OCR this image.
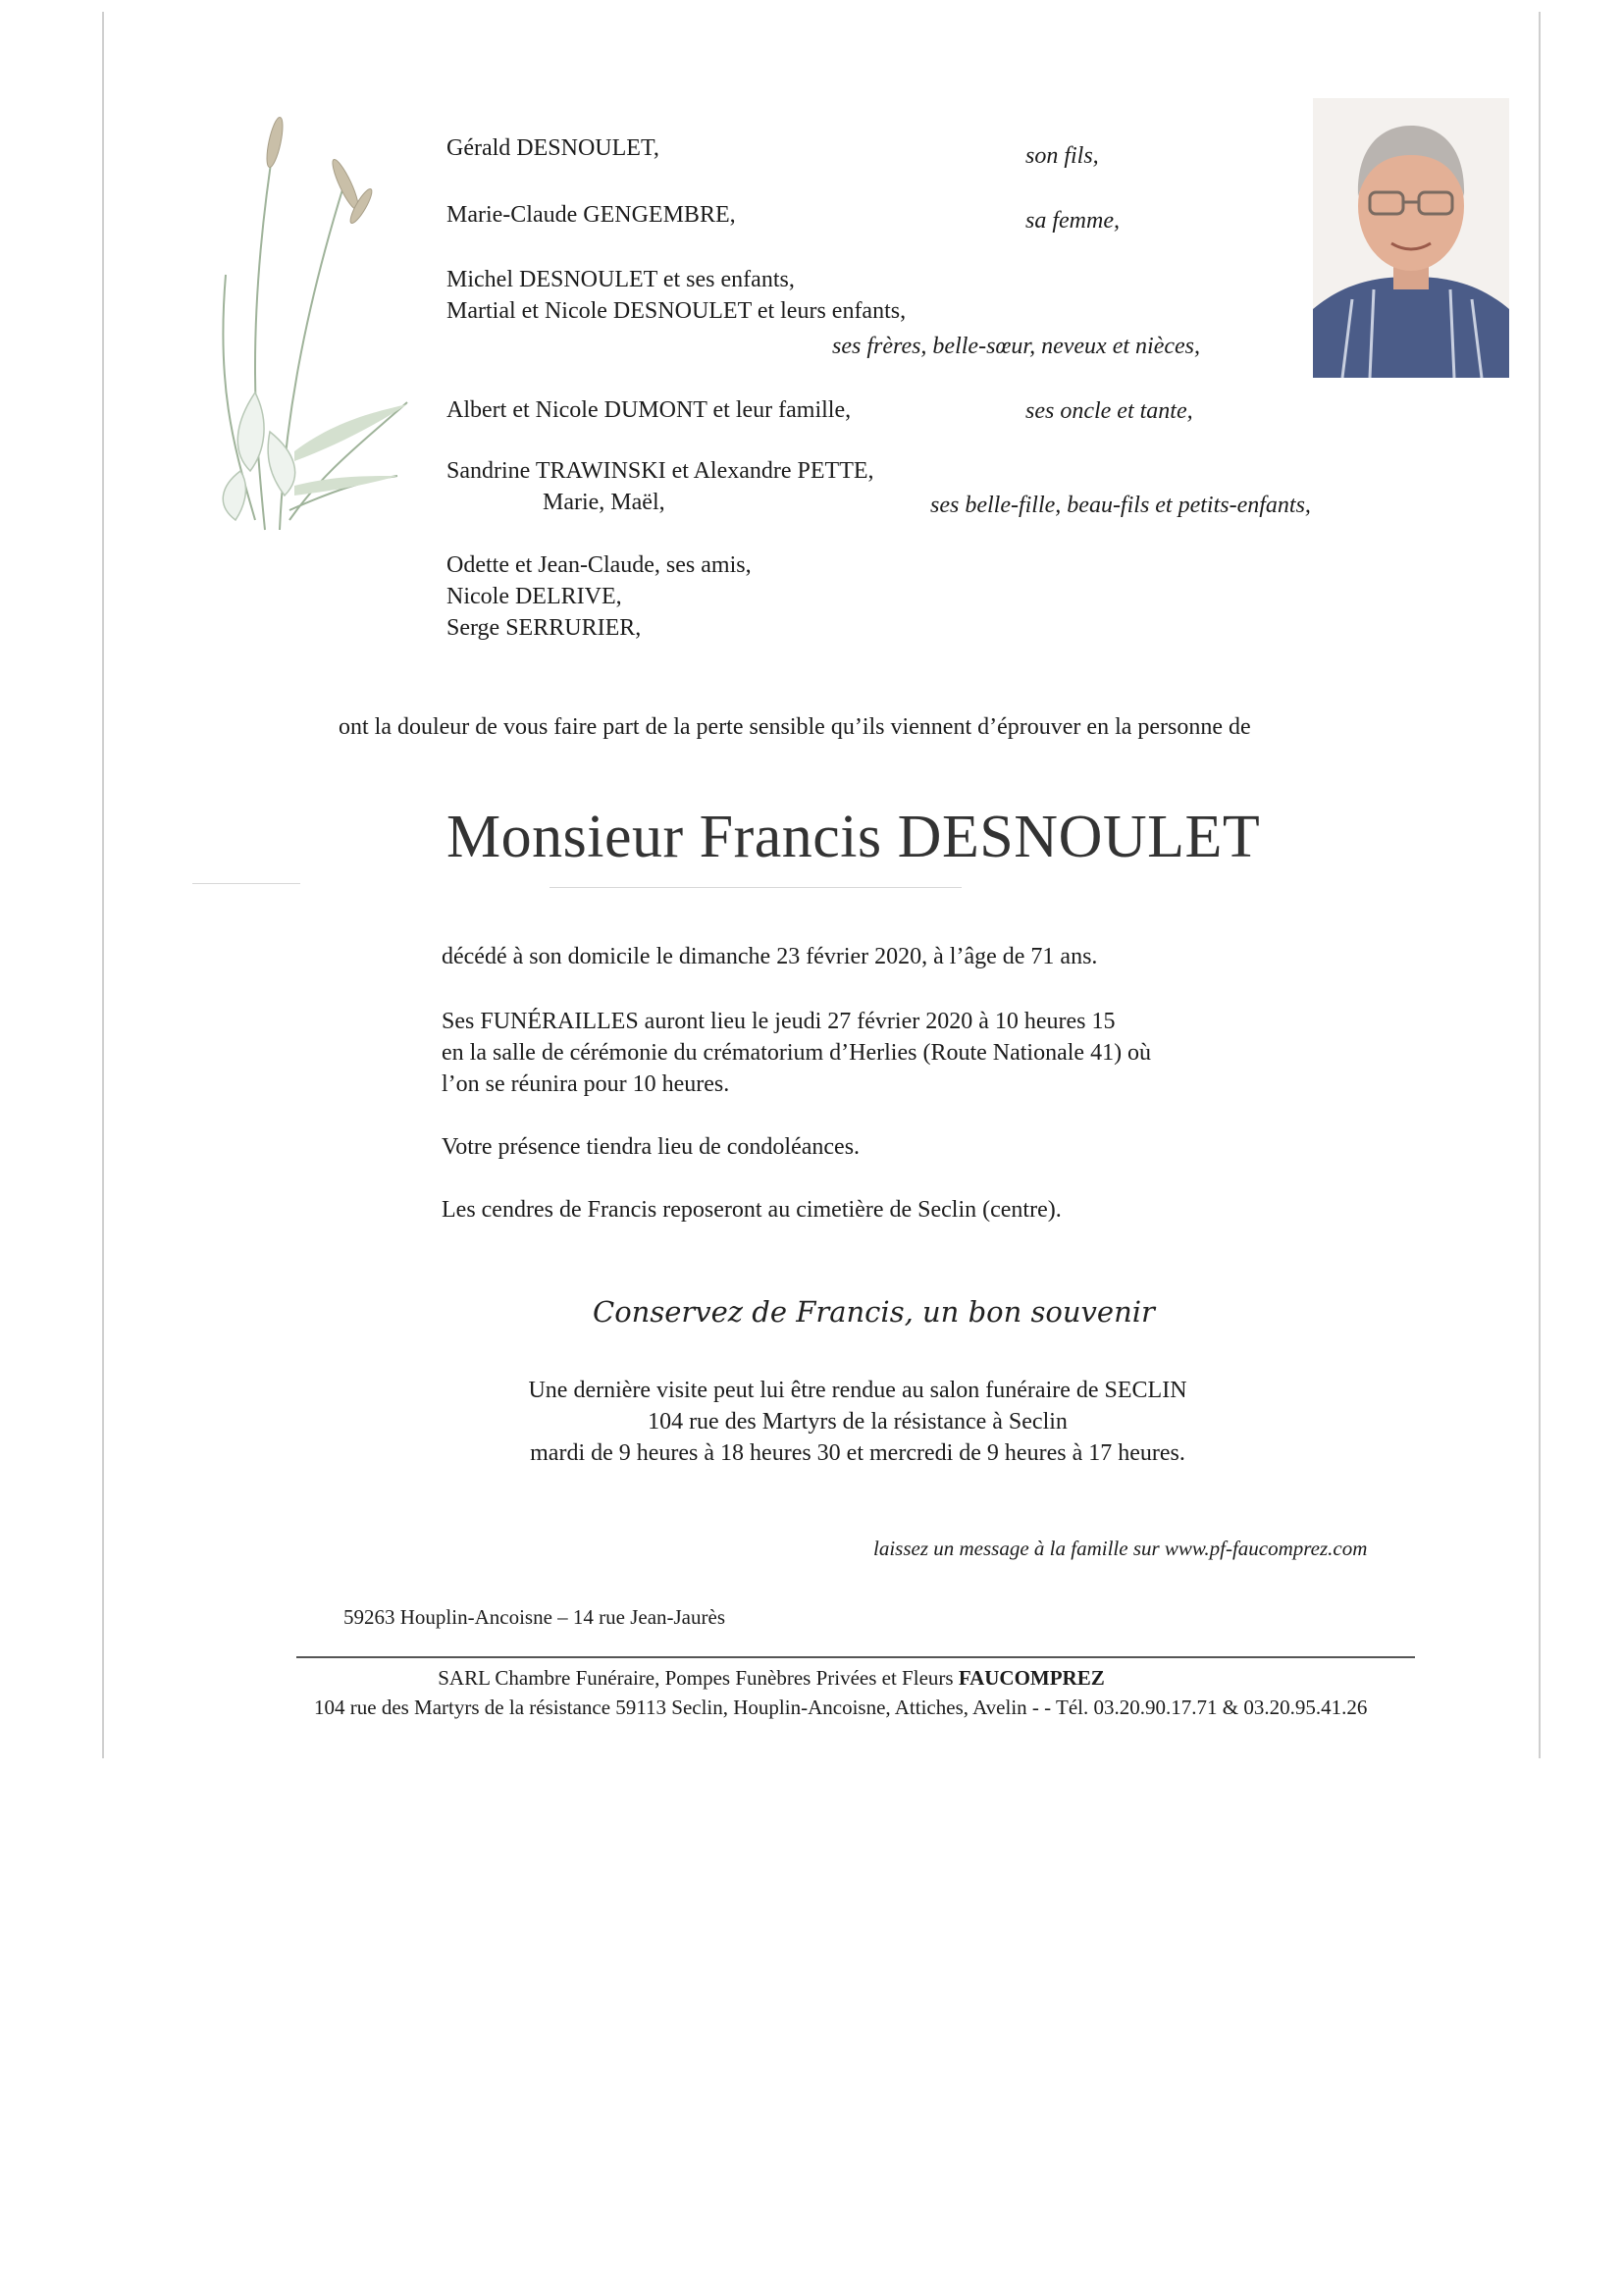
Gérald DESNOULET,	son fils,
Marie-Claude GENGEMBRE,	sa femme,
Michel DESNOULET et ses enfants,
Martial et Nicole DESNOULET et leurs enfants,
ses frères, belle-sœur, neveux et nièces,
Albert et Nicole DUMONT et leur famille,	ses oncle et tante,
Sandrine TRAWINSKI et Alexandre PETTE,
Marie, Maël,	ses belle-fille, beau-fils et petits-enfants,
Odette et Jean-Claude, ses amis,
Nicole DELRIVE,
Serge SERRURIER,
ont la douleur de vous faire part de la perte sensible qu’ils viennent d’éprouver en la personne de
Monsieur Francis DESNOULET
décédé à son domicile le dimanche 23 février 2020, à l’âge de 71 ans.
Ses FUNÉRAILLES auront lieu le jeudi 27 février 2020 à 10 heures 15
en la salle de cérémonie du crématorium d’Herlies (Route Nationale 41) où
l’on se réunira pour 10 heures.
Votre présence tiendra lieu de condoléances.
Les cendres de Francis reposeront au cimetière de Seclin (centre).
Conservez de Francis, un bon souvenir
Une dernière visite peut lui être rendue au salon funéraire de SECLIN
104 rue des Martyrs de la résistance à Seclin
mardi de 9 heures à 18 heures 30 et mercredi de 9 heures à 17 heures.
laissez un message à la famille sur www.pf-faucomprez.com
59263 Houplin-Ancoisne – 14 rue Jean-Jaurès
SARL Chambre Funéraire, Pompes Funèbres Privées et Fleurs FAUCOMPREZ
104 rue des Martyrs de la résistance 59113 Seclin, Houplin-Ancoisne, Attiches, Avelin - - Tél. 03.20.90.17.71 & 03.20.95.41.26
